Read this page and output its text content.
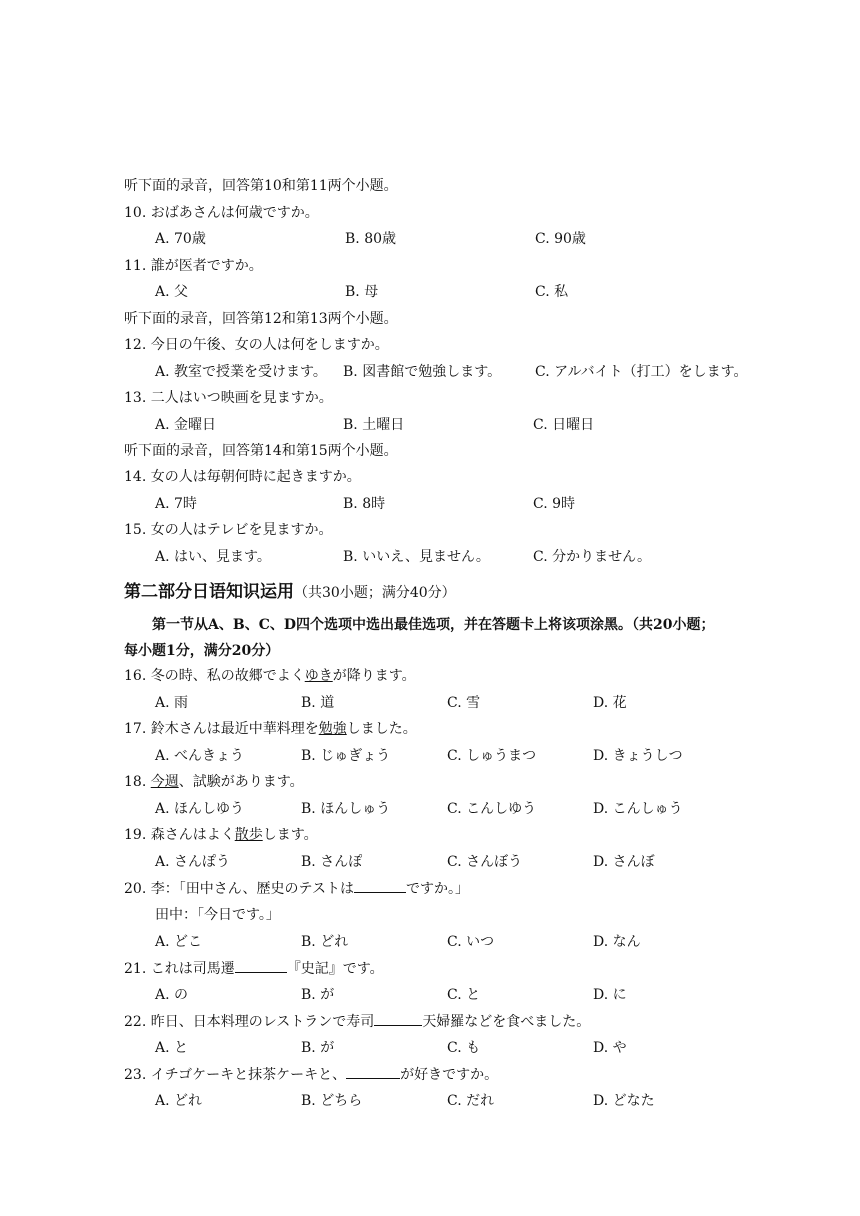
听下面的录音，回答第10和第11两个小题。
10. おばあさんは何歳ですか。
A. 70歳	B. 80歳	C. 90歳
11. 誰が医者ですか。
A. 父	B. 母	C. 私
听下面的录音，回答第12和第13两个小题。
12. 今日の午後、女の人は何をしますか。
A. 教室で授業を受けます。 B. 図書館で勉強します。 C. アルバイト（打工）をします。
13. 二人はいつ映画を見ますか。
A. 金曜日	B. 土曜日	C. 日曜日
听下面的录音，回答第14和第15两个小题。
14. 女の人は毎朝何時に起きますか。
A. 7時	B. 8時	C. 9時
15. 女の人はテレビを見ますか。
A. はい、見ます。	B. いいえ、見ません。	C. 分かりません。
第二部分日语知识运用（共30小题；满分40分）
第一节从A、B、C、D四个选项中选出最佳选项，并在答题卡上将该项涂黑。（共20小题；
每小题1分，满分20分）
16. 冬の時、私の故郷でよくゆきが降ります。
A. 雨	B. 道	C. 雪	D. 花
17. 鈴木さんは最近中華料理を勉強しました。
A. べんきょう	B. じゅぎょう	C. しゅうまつ	D. きょうしつ
18. 今週、試験があります。
A. ほんしゆう	B. ほんしゅう	C. こんしゆう	D. こんしゅう
19. 森さんはよく散歩します。
A. さんぽう	B. さんぽ	C. さんぼう	D. さんぼ
20. 李：「田中さん、歴史のテストは	ですか。」
田中：「今日です。」
A. どこ	B. どれ	C. いつ	D. なん
21. これは司馬遷	『史記』です。
A. の	B. が	C. と	D. に
22. 昨日、日本料理のレストランで寿司	天婦羅などを食べました。
A. と	B. が	C. も	D. や
23. イチゴケーキと抹茶ケーキと、	が好きですか。
A. どれ	B. どちら	C. だれ	D. どなた
